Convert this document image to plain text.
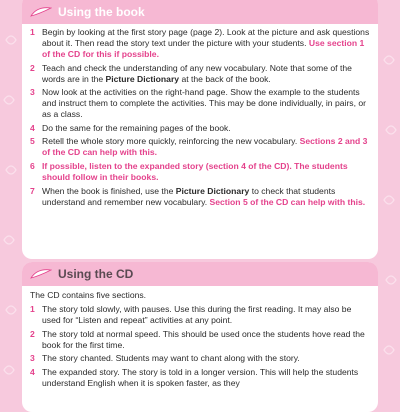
Using the book
1 Begin by looking at the first story page (page 2). Look at the picture and ask questions about it. Then read the story text under the picture with your students. Use section 1 of the CD for this if possible.
2 Teach and check the understanding of any new vocabulary. Note that some of the words are in the Picture Dictionary at the back of the book.
3 Now look at the activities on the right-hand page. Show the example to the students and instruct them to complete the activities. This may be done individually, in pairs, or as a class.
4 Do the same for the remaining pages of the book.
5 Retell the whole story more quickly, reinforcing the new vocabulary. Sections 2 and 3 of the CD can help with this.
6 If possible, listen to the expanded story (section 4 of the CD). The students should follow in their books.
7 When the book is finished, use the Picture Dictionary to check that students understand and remember new vocabulary. Section 5 of the CD can help with this.
Using the CD

The CD contains five sections.

1 The story told slowly, with pauses. Use this during the first reading. It may also be used for “Listen and repeat” activities at any point.
2 The story told at normal speed. This should be used once the students hove read the book for the first time.
3 The story chanted. Students may want to chant along with the story.
4 The expanded story. The story is told in a longer version. This will help the students understand English when it is spoken faster, as they
